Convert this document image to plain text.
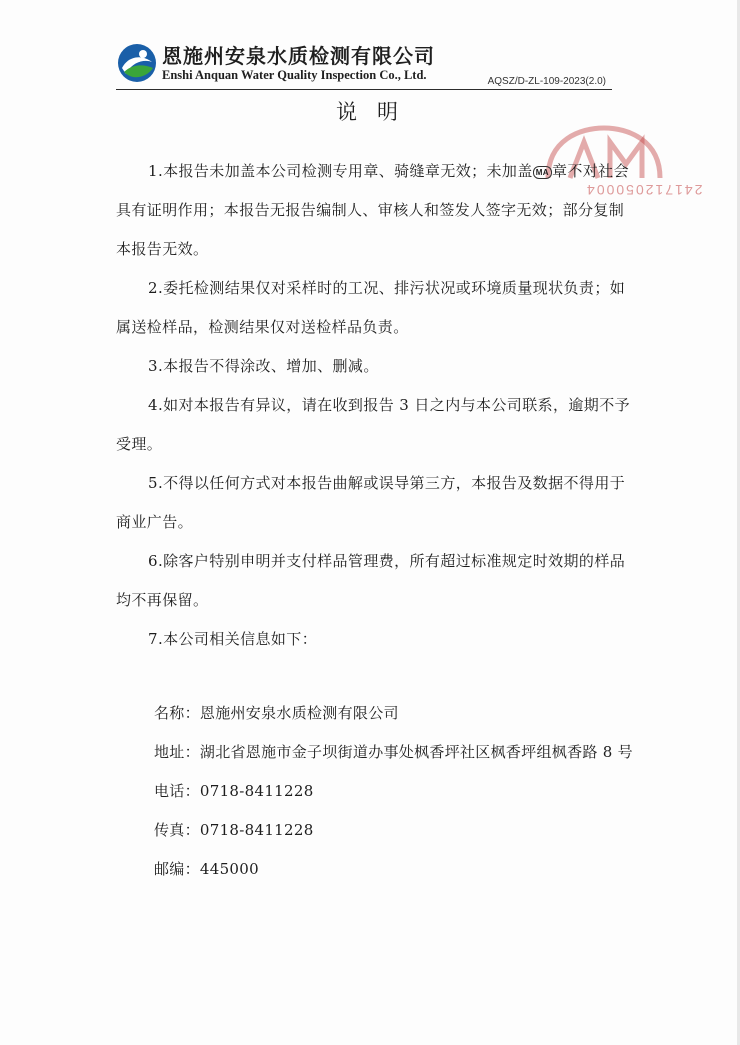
恩施州安泉水质检测有限公司
Enshi Anquan Water Quality Inspection Co., Ltd.	AQSZ/D-ZL-109-2023(2.0)
说明
241712050004

1.本报告未加盖本公司检测专用章、骑缝章无效；未加盖 MA 章不对社会具有证明作用；本报告无报告编制人、审核人和签发人签字无效；部分复制本报告无效。

2.委托检测结果仅对采样时的工况、排污状况或环境质量现状负责；如属送检样品，检测结果仅对送检样品负责。

3.本报告不得涂改、增加、删减。

4.如对本报告有异议，请在收到报告 3 日之内与本公司联系，逾期不予受理。

5.不得以任何方式对本报告曲解或误导第三方，本报告及数据不得用于商业广告。

6.除客户特别申明并支付样品管理费，所有超过标准规定时效期的样品均不再保留。

7.本公司相关信息如下：

名称：恩施州安泉水质检测有限公司
地址：湖北省恩施市金子坝街道办事处枫香坪社区枫香坪组枫香路 8 号
电话：0718-8411228
传真：0718-8411228
邮编：445000
